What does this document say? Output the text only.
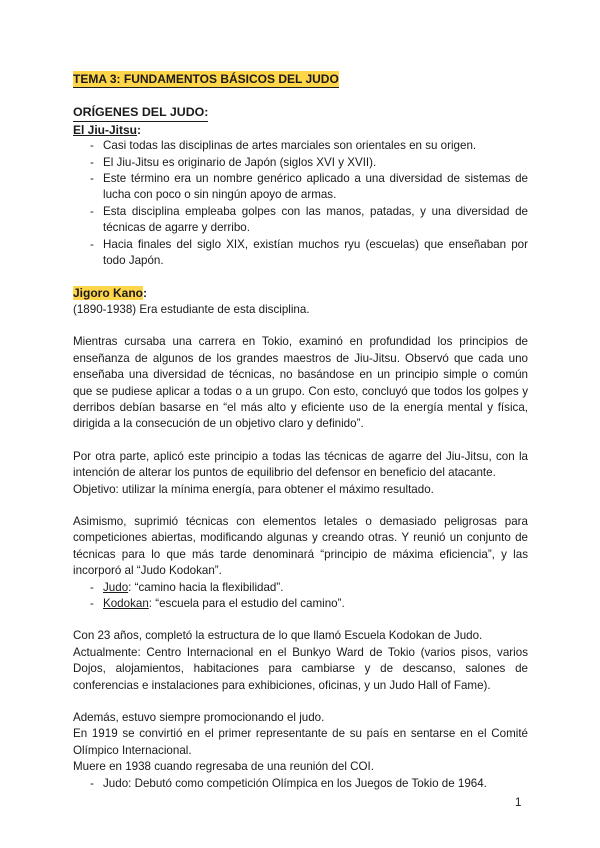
TEMA 3: FUNDAMENTOS BÁSICOS DEL JUDO
ORÍGENES DEL JUDO:
El Jiu-Jitsu:
- Casi todas las disciplinas de artes marciales son orientales en su origen.
- El Jiu-Jitsu es originario de Japón (siglos XVI y XVII).
- Este término era un nombre genérico aplicado a una diversidad de sistemas de lucha con poco o sin ningún apoyo de armas.
- Esta disciplina empleaba golpes con las manos, patadas, y una diversidad de técnicas de agarre y derribo.
- Hacia finales del siglo XIX, existían muchos ryu (escuelas) que enseñaban por todo Japón.
Jigoro Kano:

(1890-1938) Era estudiante de esta disciplina.

Mientras cursaba una carrera en Tokio, examinó en profundidad los principios de enseñanza de algunos de los grandes maestros de Jiu-Jitsu. Observó que cada uno enseñaba una diversidad de técnicas, no basándose en un principio simple o común que se pudiese aplicar a todas o a un grupo. Con esto, concluyó que todos los golpes y derribos debían basarse en “el más alto y eficiente uso de la energía mental y física, dirigida a la consecución de un objetivo claro y definido”.

Por otra parte, aplicó este principio a todas las técnicas de agarre del Jiu-Jitsu, con la intención de alterar los puntos de equilibrio del defensor en beneficio del atacante.

Objetivo: utilizar la mínima energía, para obtener el máximo resultado.

Asimismo, suprimió técnicas con elementos letales o demasiado peligrosas para competiciones abiertas, modificando algunas y creando otras. Y reunió un conjunto de técnicas para lo que más tarde denominará “principio de máxima eficiencia”, y las incorporó al “Judo Kodokan”.

- Judo: “camino hacia la flexibilidad”.
- Kodokan: “escuela para el estudio del camino”.

Con 23 años, completó la estructura de lo que llamó Escuela Kodokan de Judo.

Actualmente: Centro Internacional en el Bunkyo Ward de Tokio (varios pisos, varios Dojos, alojamientos, habitaciones para cambiarse y de descanso, salones de conferencias e instalaciones para exhibiciones, oficinas, y un Judo Hall of Fame).

Además, estuvo siempre promocionando el judo.

En 1919 se convirtió en el primer representante de su país en sentarse en el Comité Olímpico Internacional.

Muere en 1938 cuando regresaba de una reunión del COI.

- Judo: Debutó como competición Olímpica en los Juegos de Tokio de 1964.
1
